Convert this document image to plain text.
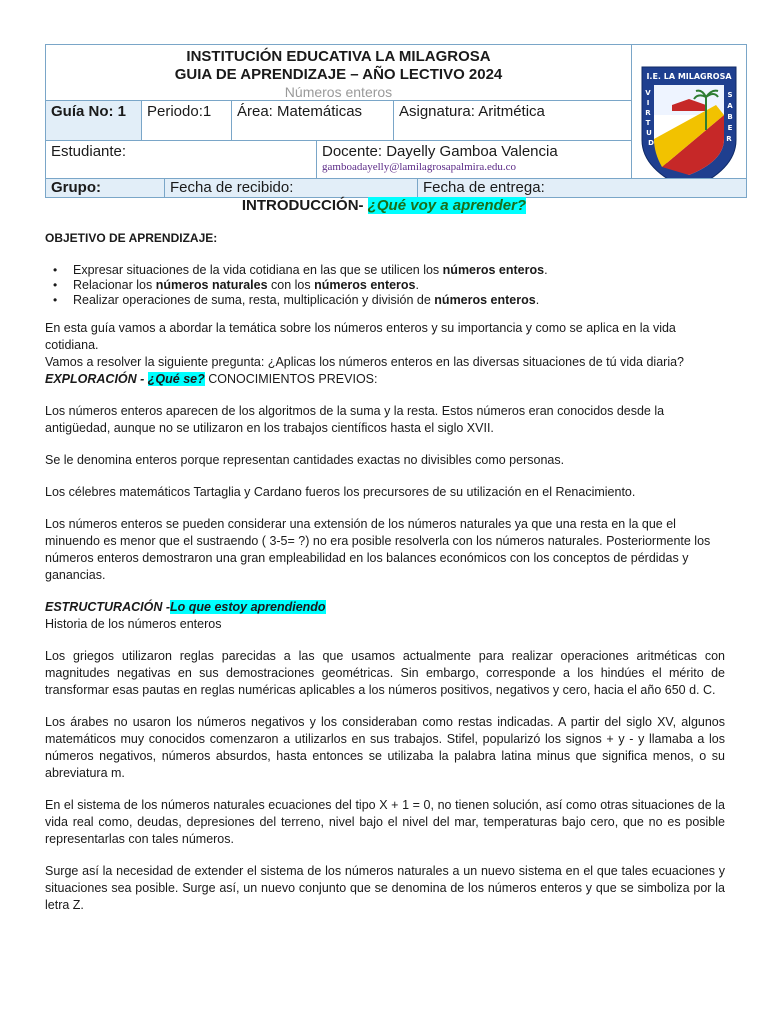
INSTITUCIÓN EDUCATIVA LA MILAGROSA
GUIA DE APRENDIZAJE – AÑO LECTIVO 2024
Números enteros
I.E. LA MILAGROSA
V
I
R
T
U
D
S
A
B
E
R
Guía No: 1	Periodo:1	Área: Matemáticas	Asignatura: Aritmética
Estudiante:	Docente: Dayelly Gamboa Valencia
gamboadayelly@lamilagrosapalmira.edu.co
Grupo:	Fecha de recibido:	Fecha de entrega:
INTRODUCCIÓN- ¿Qué voy a aprender?

OBJETIVO DE APRENDIZAJE:

• Expresar situaciones de la vida cotidiana en las que se utilicen los números enteros.
• Relacionar los números naturales con los números enteros.
• Realizar operaciones de suma, resta, multiplicación y división de números enteros.

En esta guía vamos a abordar la temática sobre los números enteros y su importancia y como se aplica en la vida cotidiana.

Vamos a resolver la siguiente pregunta: ¿Aplicas los números enteros en las diversas situaciones de tú vida diaria?

EXPLORACIÓN - ¿Qué se? CONOCIMIENTOS PREVIOS:

Los números enteros aparecen de los algoritmos de la suma y la resta. Estos números eran conocidos desde la antigüedad, aunque no se utilizaron en los trabajos científicos hasta el siglo XVII.

Se le denomina enteros porque representan cantidades exactas no divisibles como personas.

Los célebres matemáticos Tartaglia y Cardano fueros los precursores de su utilización en el Renacimiento.

Los números enteros se pueden considerar una extensión de los números naturales ya que una resta en la que el minuendo es menor que el sustraendo ( 3-5= ?) no era posible resolverla con los números naturales. Posteriormente los números enteros demostraron una gran empleabilidad en los balances económicos con los conceptos de pérdidas y ganancias.

ESTRUCTURACIÓN -Lo que estoy aprendiendo

Historia de los números enteros

Los griegos utilizaron reglas parecidas a las que usamos actualmente para realizar operaciones aritméticas con magnitudes negativas en sus demostraciones geométricas. Sin embargo, corresponde a los hindúes el mérito de transformar esas pautas en reglas numéricas aplicables a los números positivos, negativos y cero, hacia el año 650 d. C.

Los árabes no usaron los números negativos y los consideraban como restas indicadas. A partir del siglo XV, algunos matemáticos muy conocidos comenzaron a utilizarlos en sus trabajos. Stifel, popularizó los signos + y - y llamaba a los números negativos, números absurdos, hasta entonces se utilizaba la palabra latina minus que significa menos, o su abreviatura m.

En el sistema de los números naturales ecuaciones del tipo X + 1 = 0, no tienen solución, así como otras situaciones de la vida real como, deudas, depresiones del terreno, nivel bajo el nivel del mar, temperaturas bajo cero, que no es posible representarlas con tales números.

Surge así la necesidad de extender el sistema de los números naturales a un nuevo sistema en el que tales ecuaciones y situaciones sea posible. Surge así, un nuevo conjunto que se denomina de los números enteros y que se simboliza por la letra Z.
